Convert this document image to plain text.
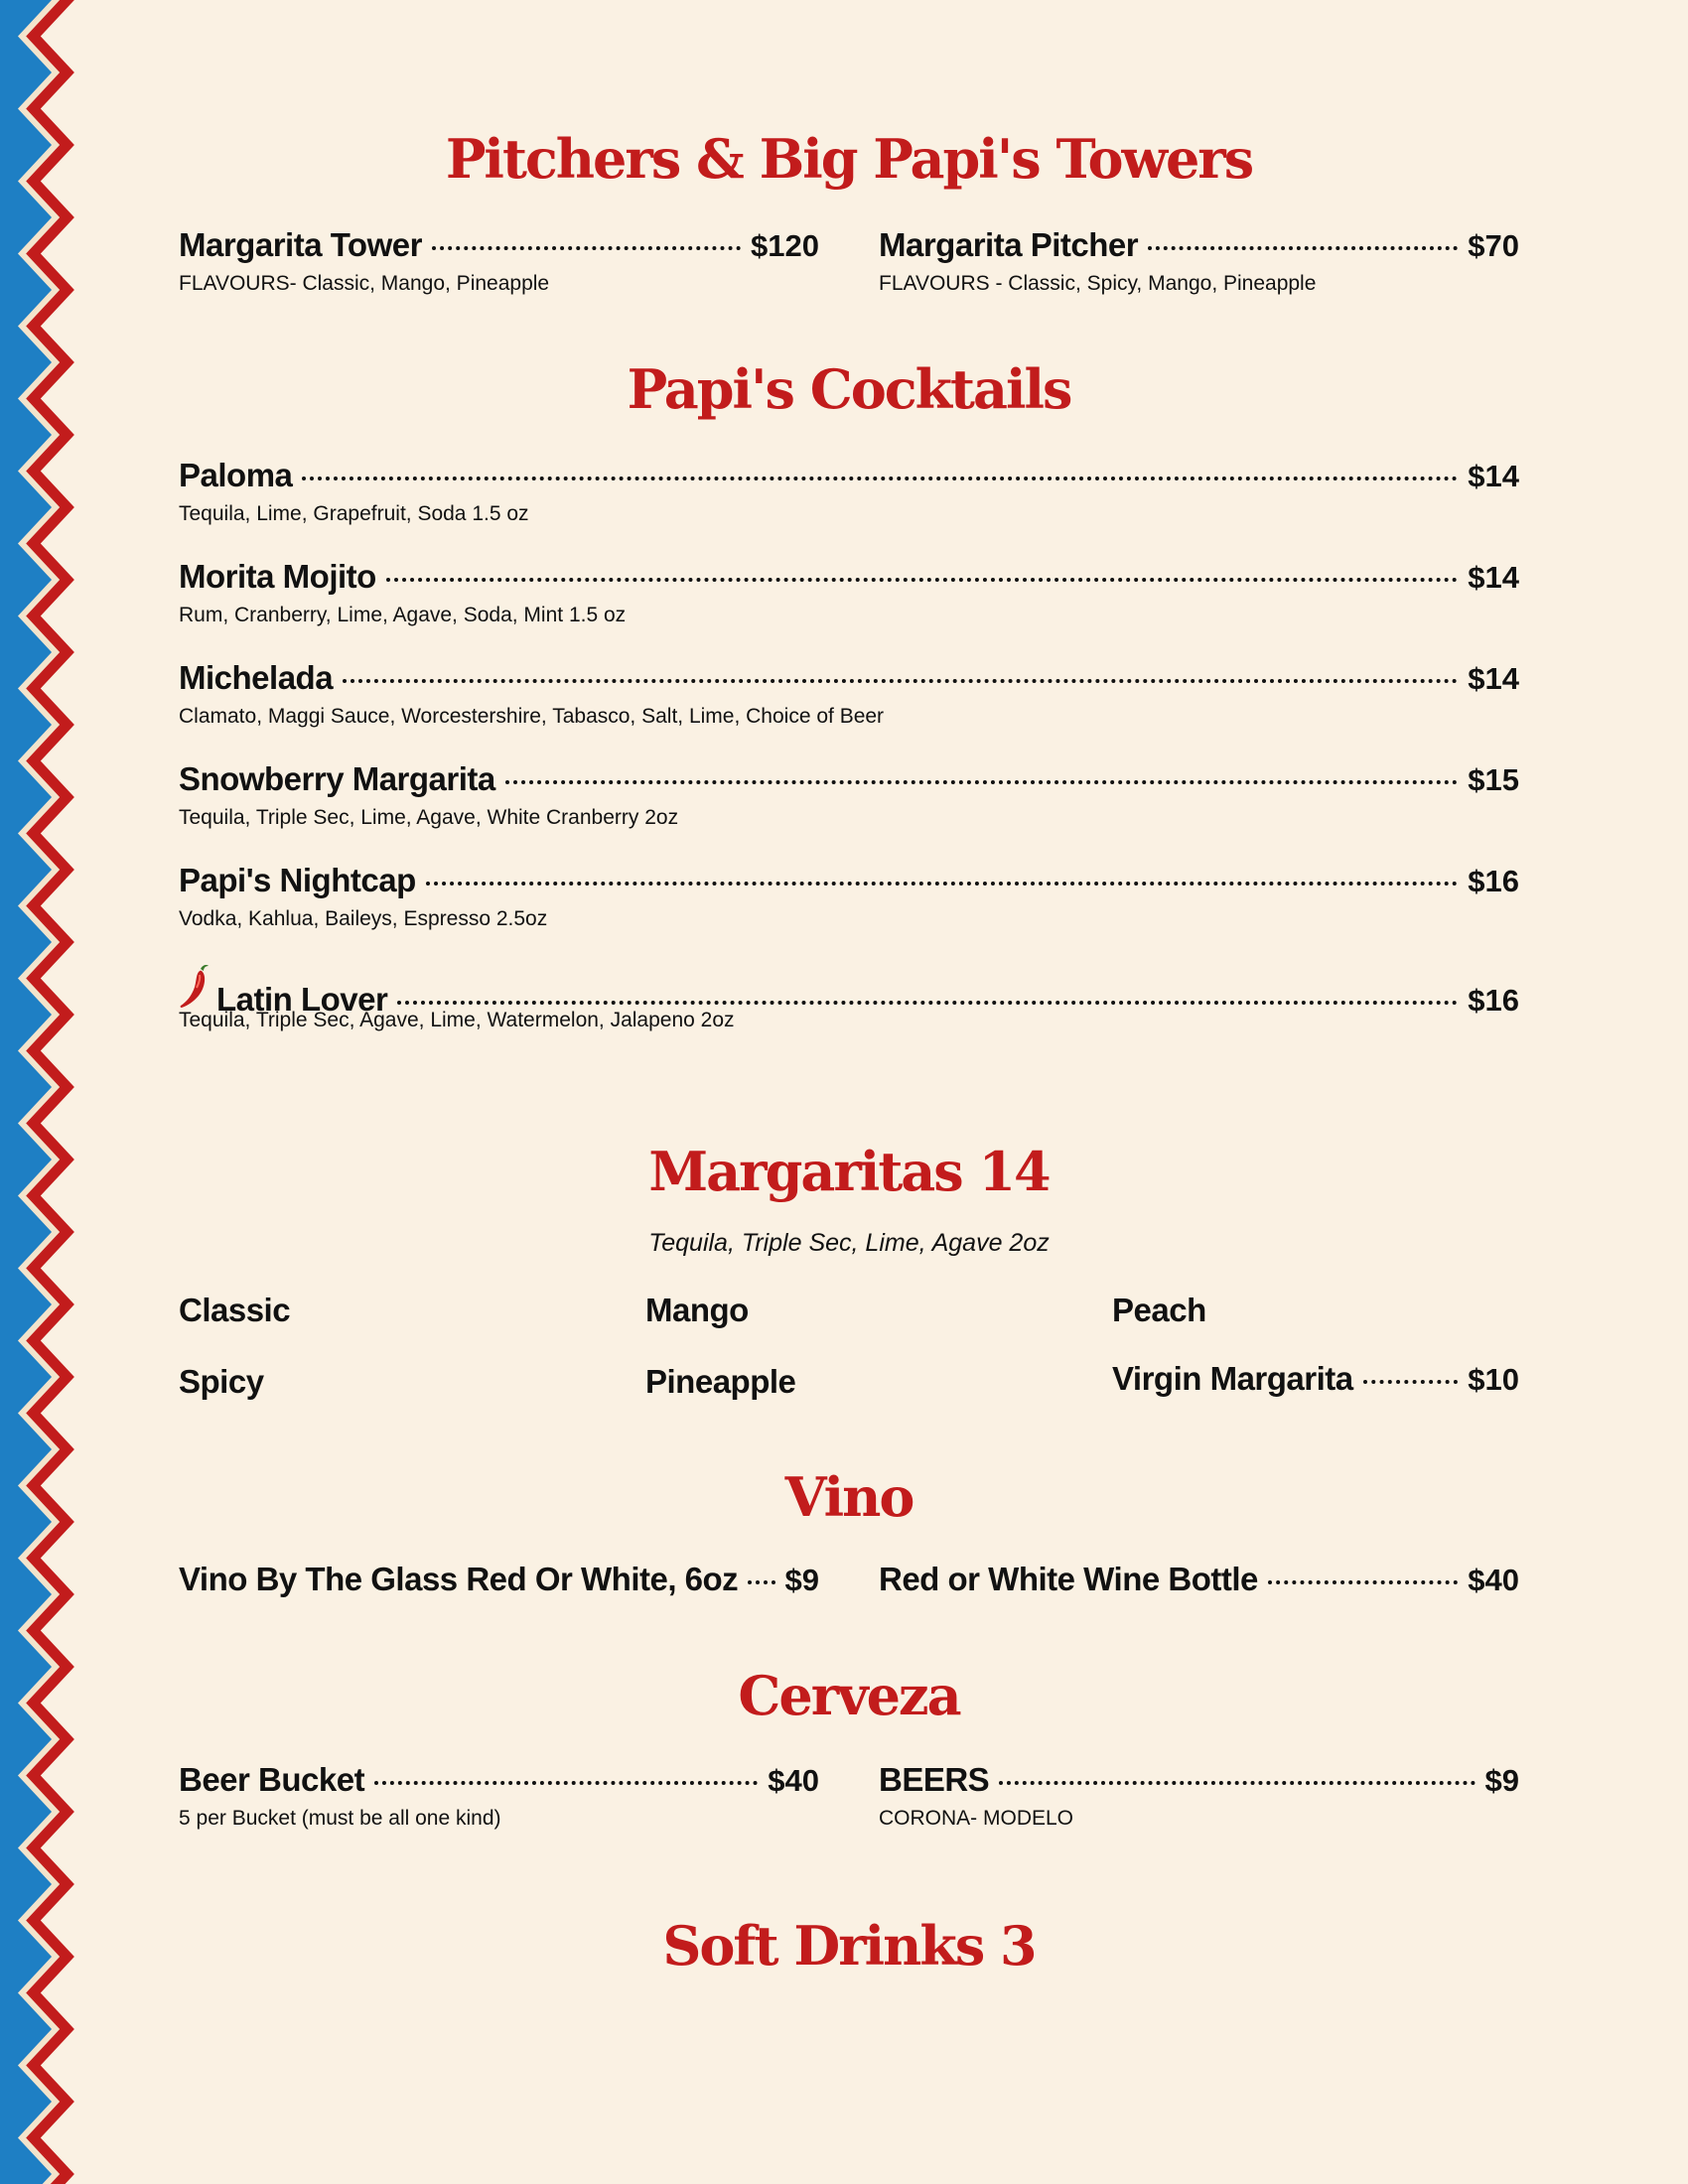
Pitchers & Big Papi's Towers
Margarita Tower	$120
FLAVOURS- Classic, Mango, Pineapple
Margarita Pitcher	$70
FLAVOURS - Classic, Spicy, Mango, Pineapple
Papi's Cocktails
Paloma	$14
Tequila, Lime, Grapefruit, Soda 1.5 oz
Morita Mojito	$14
Rum, Cranberry, Lime, Agave, Soda, Mint 1.5 oz
Michelada	$14
Clamato, Maggi Sauce, Worcestershire, Tabasco, Salt, Lime, Choice of Beer
Snowberry Margarita	$15
Tequila, Triple Sec, Lime, Agave, White Cranberry 2oz
Papi's Nightcap	$16
Vodka, Kahlua, Baileys, Espresso 2.5oz
Latin Lover	$16
Tequila, Triple Sec, Agave, Lime, Watermelon, Jalapeno 2oz
Margaritas 14
Tequila, Triple Sec, Lime, Agave 2oz
Classic	Mango	Peach
Spicy	Pineapple	Virgin Margarita	$10
Vino
Vino By The Glass Red Or White, 6oz $9 Red or White Wine Bottle	$40
Cerveza
Beer Bucket	$40
5 per Bucket (must be all one kind)
BEERS	$9
CORONA- MODELO
Soft Drinks 3
